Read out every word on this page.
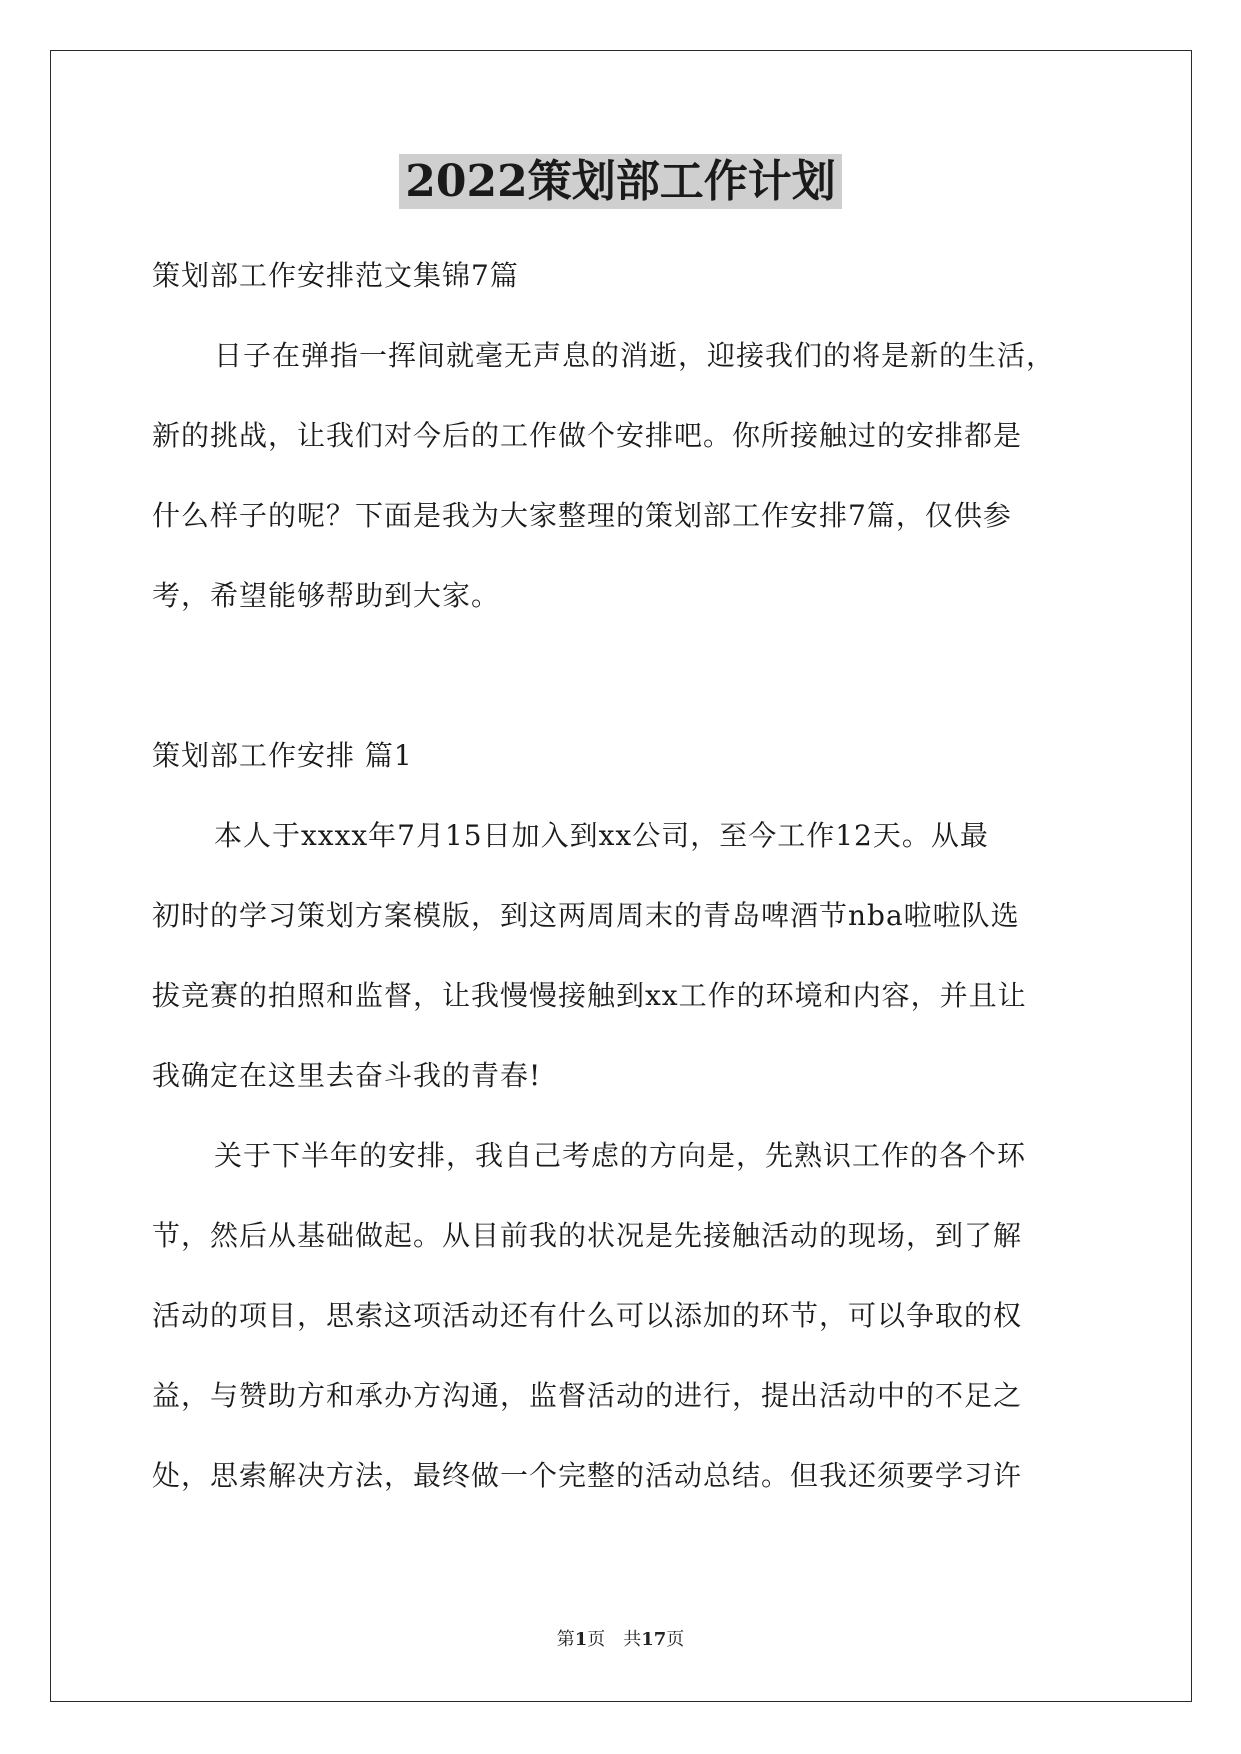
2022策划部工作计划

策划部工作安排范文集锦7篇

日子在弹指一挥间就毫无声息的消逝，迎接我们的将是新的生活，

新的挑战，让我们对今后的工作做个安排吧。你所接触过的安排都是

什么样子的呢？下面是我为大家整理的策划部工作安排7篇，仅供参

考，希望能够帮助到大家。

策划部工作安排 篇1

本人于xxxx年7月15日加入到xx公司，至今工作12天。从最

初时的学习策划方案模版，到这两周周末的青岛啤酒节nba啦啦队选

拔竞赛的拍照和监督，让我慢慢接触到xx工作的环境和内容，并且让

我确定在这里去奋斗我的青春!

关于下半年的安排，我自己考虑的方向是，先熟识工作的各个环

节，然后从基础做起。从目前我的状况是先接触活动的现场，到了解

活动的项目，思索这项活动还有什么可以添加的环节，可以争取的权

益，与赞助方和承办方沟通，监督活动的进行，提出活动中的不足之

处，思索解决方法，最终做一个完整的活动总结。但我还须要学习许

第1页　共17页
